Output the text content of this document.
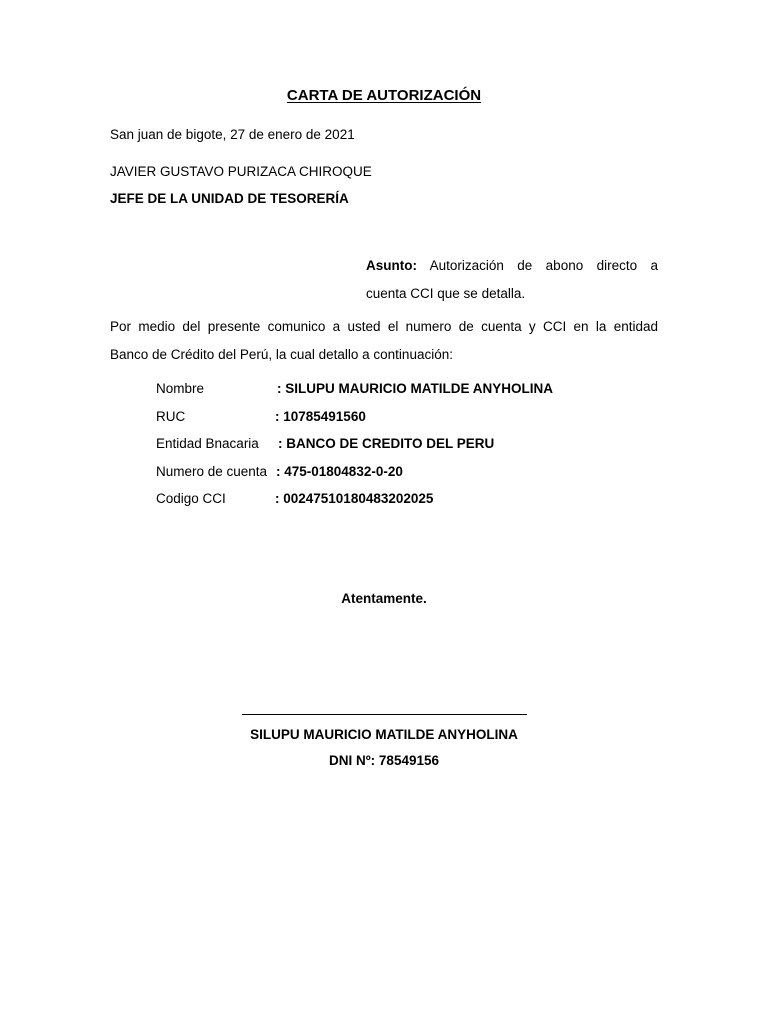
CARTA DE AUTORIZACIÓN
San juan de bigote, 27 de enero de 2021
JAVIER GUSTAVO PURIZACA CHIROQUE
JEFE DE LA UNIDAD DE TESORERÍA
Asunto: Autorización de abono directo a
cuenta CCI que se detalla.
Por medio del presente comunico a usted el numero de cuenta y CCI en la entidad
Banco de Crédito del Perú, la cual detallo a continuación:
Nombre	: SILUPU MAURICIO MATILDE ANYHOLINA
RUC	: 10785491560
Entidad Bnacaria : BANCO DE CREDITO DEL PERU
Numero de cuenta : 475-01804832-0-20
Codigo CCI	: 00247510180483202025
Atentamente.
SILUPU MAURICIO MATILDE ANYHOLINA
DNI Nº: 78549156
